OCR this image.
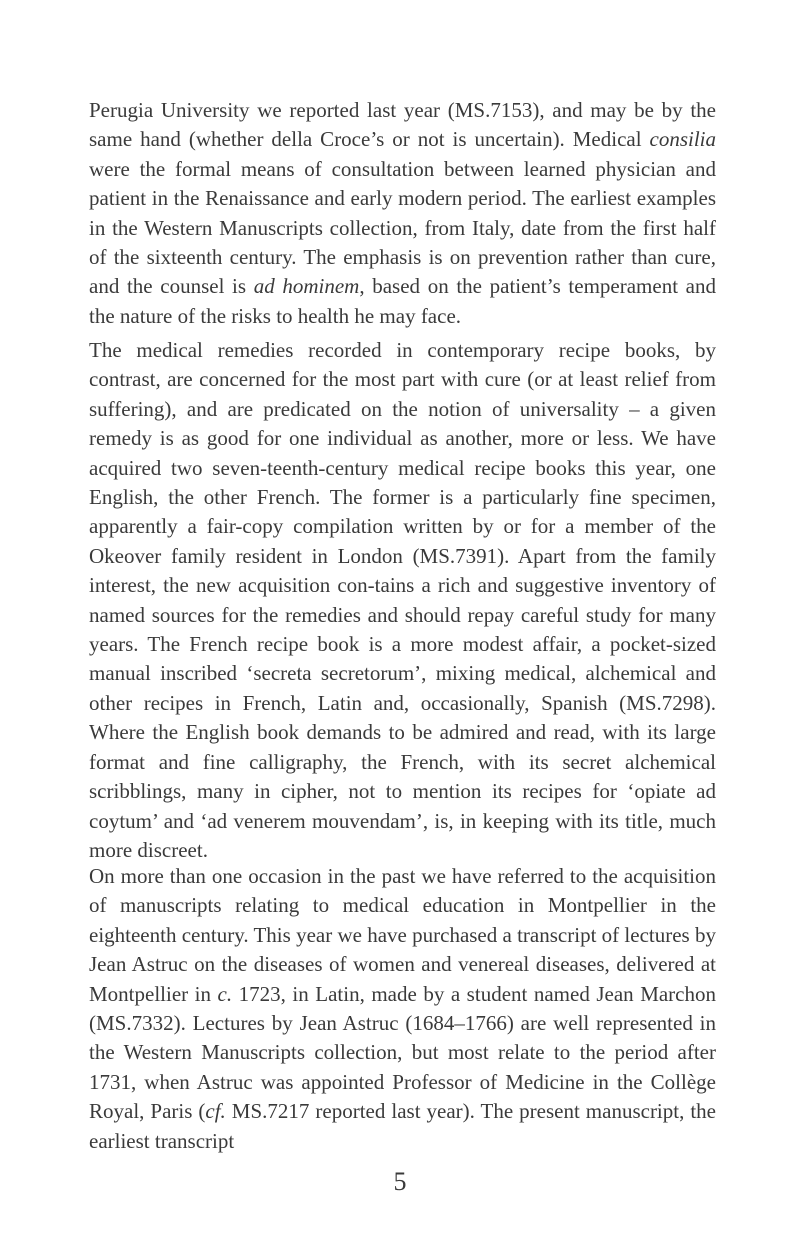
Perugia University we reported last year (MS.7153), and may be by the same hand (whether della Croce’s or not is uncertain). Medical consilia were the formal means of consultation between learned physician and patient in the Renaissance and early modern period. The earliest examples in the Western Manuscripts collection, from Italy, date from the first half of the sixteenth century. The emphasis is on prevention rather than cure, and the counsel is ad hominem, based on the patient’s temperament and the nature of the risks to health he may face.

The medical remedies recorded in contemporary recipe books, by contrast, are concerned for the most part with cure (or at least relief from suffering), and are predicated on the notion of universality – a given remedy is as good for one individual as another, more or less. We have acquired two seven-teenth-century medical recipe books this year, one English, the other French. The former is a particularly fine specimen, apparently a fair-copy compilation written by or for a member of the Okeover family resident in London (MS.7391). Apart from the family interest, the new acquisition con-tains a rich and suggestive inventory of named sources for the remedies and should repay careful study for many years. The French recipe book is a more modest affair, a pocket-sized manual inscribed ‘secreta secretorum’, mixing medical, alchemical and other recipes in French, Latin and, occasionally, Spanish (MS.7298). Where the English book demands to be admired and read, with its large format and fine calligraphy, the French, with its secret alchemical scribblings, many in cipher, not to mention its recipes for ‘opiate ad coytum’ and ‘ad venerem mouvendam’, is, in keeping with its title, much more discreet.

On more than one occasion in the past we have referred to the acquisition of manuscripts relating to medical education in Montpellier in the eighteenth century. This year we have purchased a transcript of lectures by Jean Astruc on the diseases of women and venereal diseases, delivered at Montpellier in c. 1723, in Latin, made by a student named Jean Marchon (MS.7332). Lectures by Jean Astruc (1684–1766) are well represented in the Western Manuscripts collection, but most relate to the period after 1731, when Astruc was appointed Professor of Medicine in the Collège Royal, Paris (cf. MS.7217 reported last year). The present manuscript, the earliest transcript

5
